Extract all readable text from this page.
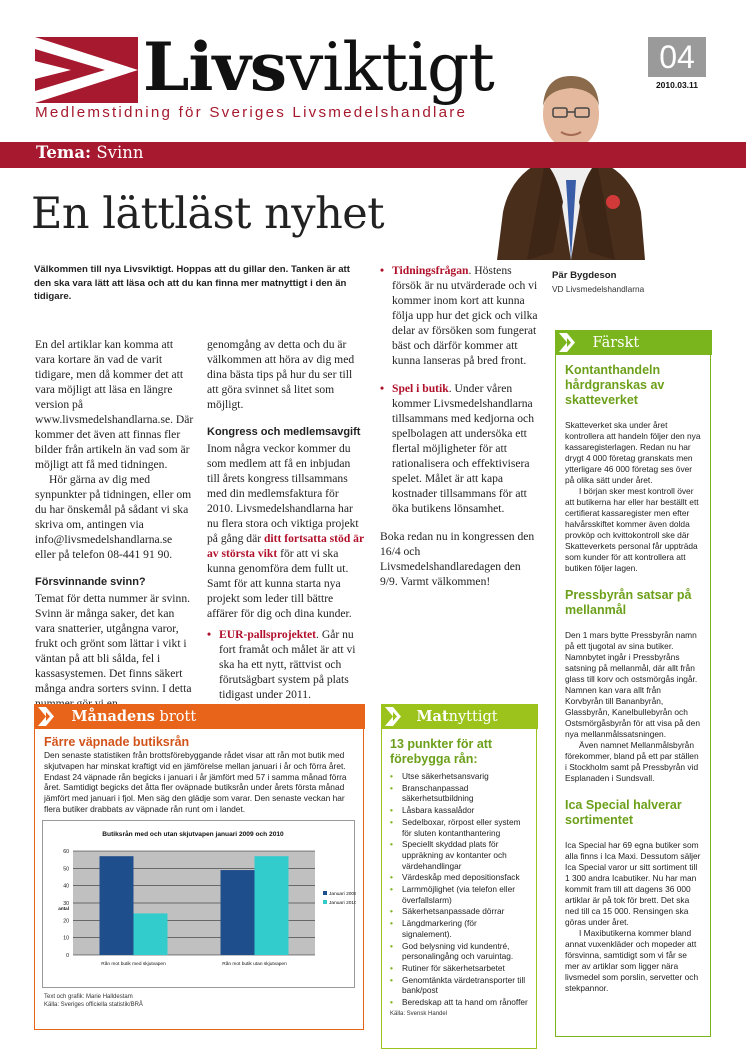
Livsviktigt
Medlemstidning för Sveriges Livsmedelshandlare
04
2010.03.11
Tema: Svinn
En lättläst nyhet
Välkommen till nya Livsviktigt. Hoppas att du gillar den. Tanken är att den ska vara lätt att läsa och att du kan finna mer matnyttigt i den än tidigare.
Pär Bygdeson
VD Livsmedelshandlarna

En del artiklar kan komma att vara kortare än vad de varit tidigare, men då kommer det att vara möjligt att läsa en längre version på www.livsmedelshandlarna.se. Där kommer det även att finnas fler bilder från artikeln än vad som är möjligt att få med tidningen.

Hör gärna av dig med synpunkter på tidningen, eller om du har önskemål på sådant vi ska skriva om, antingen via info@livsmedelshandlarna.se eller på telefon 08-441 91 90.

Försvinnande svinn?

Temat för detta nummer är svinn. Svinn är många saker, det kan vara snatterier, utgångna varor, frukt och grönt som lättar i vikt i väntan på att bli sålda, fel i kassasystemen. Det finns säkert många andra sorters svinn. I detta

genomgång av detta och du är välkommen att höra av dig med dina bästa tips på hur du ser till att göra svinnet så litet som möjligt.

Kongress och medlemsavgift

Inom några veckor kommer du som medlem att få en inbjudan till årets kongress tillsammans med din medlemsfaktura för 2010. Livsmedelshandlarna har nu flera stora och viktiga projekt på gång där ditt fortsatta stöd är av största vikt för att vi ska kunna genomföra dem fullt ut. Samt för att kunna starta nya projekt som leder till bättre affärer för dig och dina kunder.

• EUR-pallsprojektet. Går nu fort framåt och målet är att vi ska ha ett nytt, rättvist och förutsägbart system på plats tidigast under 2011.
• Tidningsfrågan. Höstens försök är nu utvärderade och vi kommer inom kort att kunna följa upp hur det gick och vilka delar av försöken som fungerat bäst och därför kommer att kunna lanseras på bred front.
• Spel i butik. Under våren kommer Livsmedelshandlarna tillsammans med kedjorna och spelbolagen att undersöka ett flertal möjligheter för att rationalisera och effektivisera spelet. Målet är att kapa kostnader tillsammans för att öka butikens lönsamhet.

Boka redan nu in kongressen den 16/4 och Livsmedelshandlaredagen den 9/9. Varmt välkommen!

Färskt

Kontanthandeln hårdgranskas av skatteverket

Skatteverket ska under året kontrollera att handeln följer den nya kassaregisterlagen. Redan nu har drygt 4 000 företag granskats men ytterligare 46 000 företag ses över på olika sätt under året.

I början sker mest kontroll över att butikerna har eller har beställt ett certifierat kassaregister men efter halvårsskiftet kommer även dolda provköp och kvittokontroll ske där Skatteverkets personal får uppträda som kunder för att kontrollera att butiken följer lagen.

Pressbyrån satsar på mellanmål

Den 1 mars bytte Pressbyrån namn på ett tjugotal av sina butiker. Namnbytet ingår i Pressbyråns satsning på mellanmål, där allt från glass till korv och ostsmörgås ingår. Namnen kan vara allt från Korvbyrån till Bananbyrån, Glassbyrån, Kanelbullebyrån och Ostsmörgåsbyrån för att visa på den nya mellanmålssatsningen.

Även namnet Mellanmålsbyrån förekommer, bland på ett par ställen i Stockholm samt på Pressbyrån vid Esplanaden i Sundsvall.

Ica Special halverar sortimentet

Ica Special har 69 egna butiker som alla finns i Ica Maxi. Dessutom säljer Ica Special varor ur sitt sortiment till 1 300 andra Icabutiker. Nu har man kommit fram till att dagens 36 000 artiklar är på tok för brett. Det ska ned till ca 15 000. Rensingen ska göras under året.

I Maxibutikerna kommer bland annat vuxenkläder och mopeder att försvinna, samtidigt som vi får se mer av artiklar som ligger nära livsmedel som porslin, servetter och stekpannor.

Månadens brott

Färre väpnade butiksrån

Den senaste statistiken från brottsförebyggande rådet visar att rån mot butik med skjutvapen har minskat kraftigt vid en jämförelse mellan januari i år och förra året. Endast 24 väpnade rån begicks i januari i år jämfört med 57 i samma månad förra året. Samtidigt begicks det åtta fler oväpnade butiksrån under årets första månad jämfört med januari i fjol. Men säg den glädje som varar. Den senaste veckan har flera butiker drabbats av väpnade rån runt om i landet.

Butiksrån med och utan skjutvapen januari 2009 och 2010
0
10
20
30
40
50
60
antal
Rån mot butik med skjutvapen	Rån mot butik utan skjutvapen
Januari 2009
Januari 2010
Text och grafik: Marie Halldestam
Källa: Sveriges officiella statistik/BRÅ
Matnyttigt

13 punkter för att förebygga rån:

• Utse säkerhetsansvarig
• Branschanpassad säkerhetsutbildning
• Låsbara kassalådor
• Sedelboxar, rörpost eller system för sluten kontanthantering
• Speciellt skyddad plats för uppräkning av kontanter och värdehandlingar
• Värdeskåp med depositionsfack
• Larmmöjlighet (via telefon eller överfallslarm)
• Säkerhetsanpassade dörrar
• Längdmarkering (för signalement).
• God belysning vid kundentré, personalingång och varuintag.
• Rutiner för säkerhetsarbetet
• Genomtänkta värdetransporter till bank/post
• Beredskap att ta hand om rånoffer

Källa: Svensk Handel
